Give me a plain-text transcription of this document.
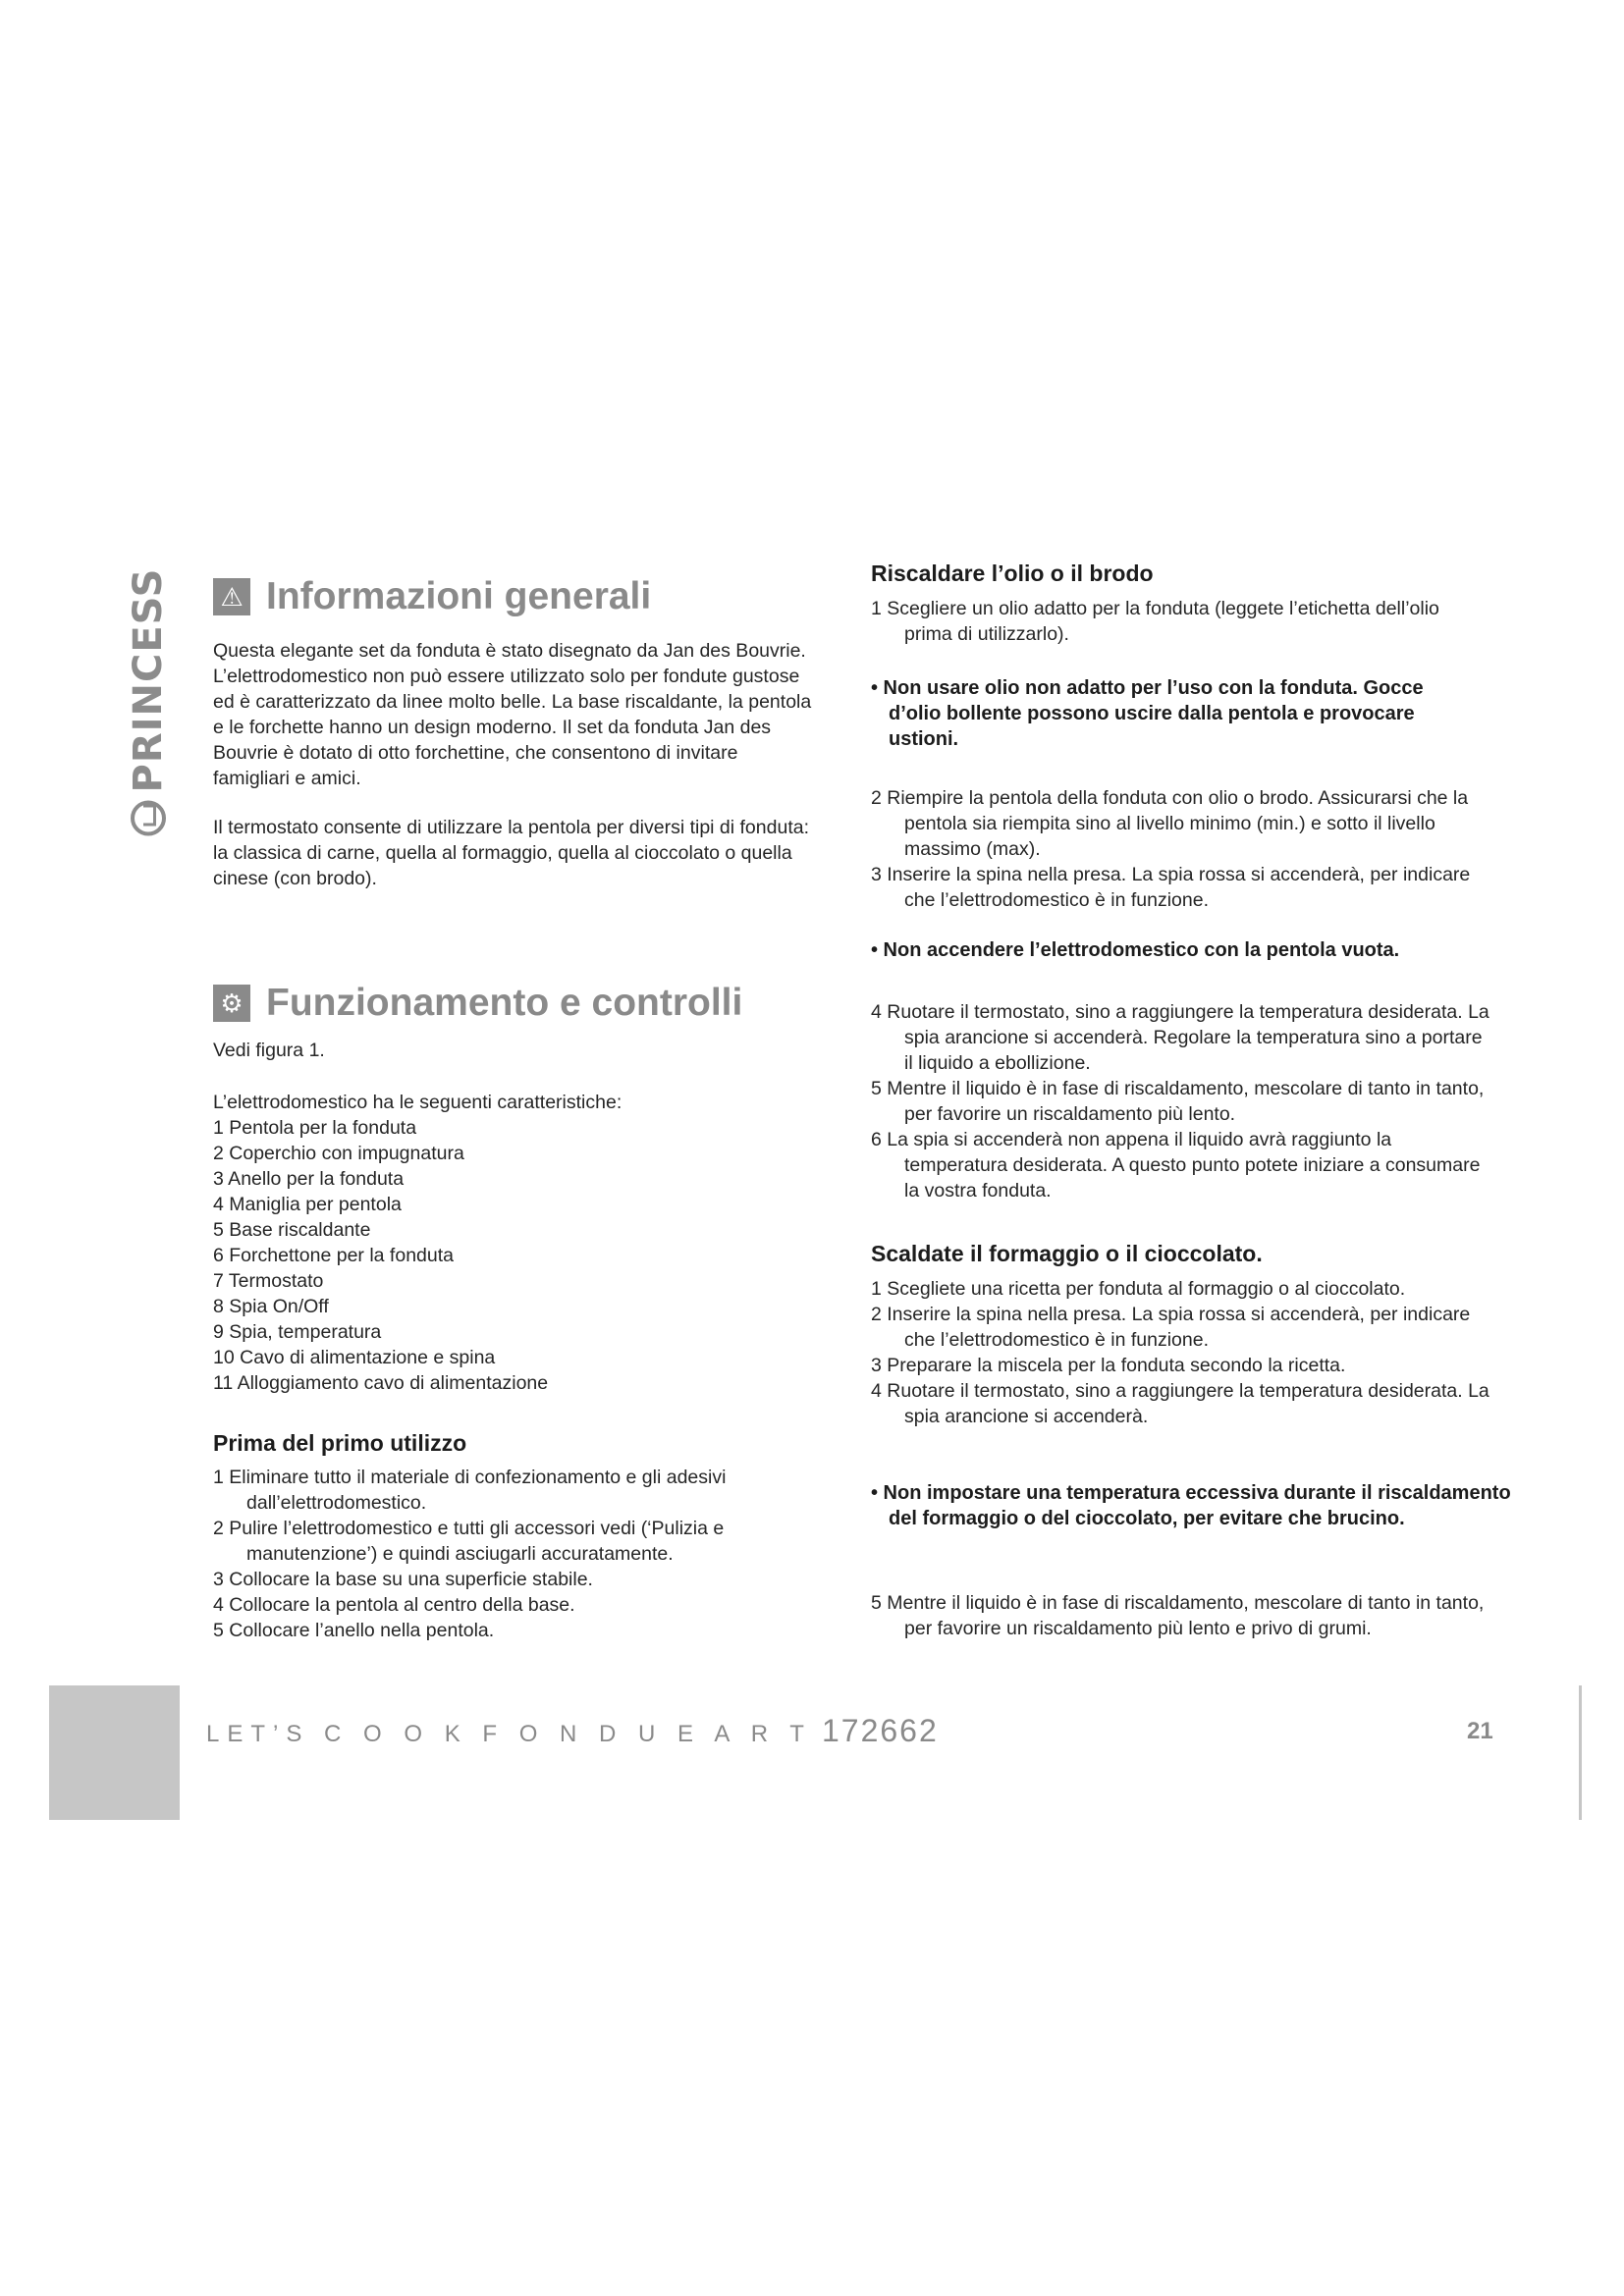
PRINCESS ⚠ Informazioni generali

Questa elegante set da fonduta è stato disegnato da Jan des Bouvrie. L’elettrodomestico non può essere utilizzato solo per fondute gustose ed è caratterizzato da linee molto belle. La base riscaldante, la pentola e le forchette hanno un design moderno. Il set da fonduta Jan des Bouvrie è dotato di otto forchettine, che consentono di invitare famigliari e amici.

Il termostato consente di utilizzare la pentola per diversi tipi di fonduta: la classica di carne, quella al formaggio, quella al cioccolato o quella cinese (con brodo).

⚙ Funzionamento e controlli

Vedi figura 1.

L’elettrodomestico ha le seguenti caratteristiche:

1 Pentola per la fonduta
2 Coperchio con impugnatura
3 Anello per la fonduta
4 Maniglia per pentola
5 Base riscaldante
6 Forchettone per la fonduta
7 Termostato
8 Spia On/Off
9 Spia, temperatura
10 Cavo di alimentazione e spina
11 Alloggiamento cavo di alimentazione
Prima del primo utilizzo
1 Eliminare tutto il materiale di confezionamento e gli adesivi dall’elettrodomestico.
2 Pulire l’elettrodomestico e tutti gli accessori vedi (‘Pulizia e manutenzione’) e quindi asciugarli accuratamente.
3 Collocare la base su una superficie stabile.
4 Collocare la pentola al centro della base.
5 Collocare l’anello nella pentola.
Riscaldare l’olio o il brodo
1 Scegliere un olio adatto per la fonduta (leggete l’etichetta dell’olio prima di utilizzarlo).

• Non usare olio non adatto per l’uso con la fonduta. Gocce d’olio bollente possono uscire dalla pentola e provocare ustioni.

2 Riempire la pentola della fonduta con olio o brodo. Assicurarsi che la pentola sia riempita sino al livello minimo (min.) e sotto il livello massimo (max).
3 Inserire la spina nella presa. La spia rossa si accenderà, per indicare che l’elettrodomestico è in funzione.

• Non accendere l’elettrodomestico con la pentola vuota.

4 Ruotare il termostato, sino a raggiungere la temperatura desiderata. La spia arancione si accenderà. Regolare la temperatura sino a portare il liquido a ebollizione.
5 Mentre il liquido è in fase di riscaldamento, mescolare di tanto in tanto, per favorire un riscaldamento più lento.
6 La spia si accenderà non appena il liquido avrà raggiunto la temperatura desiderata. A questo punto potete iniziare a consumare la vostra fonduta.
Scaldate il formaggio o il cioccolato.
1 Scegliete una ricetta per fonduta al formaggio o al cioccolato.
2 Inserire la spina nella presa. La spia rossa si accenderà, per indicare che l’elettrodomestico è in funzione.
3 Preparare la miscela per la fonduta secondo la ricetta.
4 Ruotare il termostato, sino a raggiungere la temperatura desiderata. La spia arancione si accenderà.

• Non impostare una temperatura eccessiva durante il riscaldamento del formaggio o del cioccolato, per evitare che brucino.

5 Mentre il liquido è in fase di riscaldamento, mescolare di tanto in tanto, per favorire un riscaldamento più lento e privo di grumi.
LET’S C O O K F O N D U E A R T 172662	21
